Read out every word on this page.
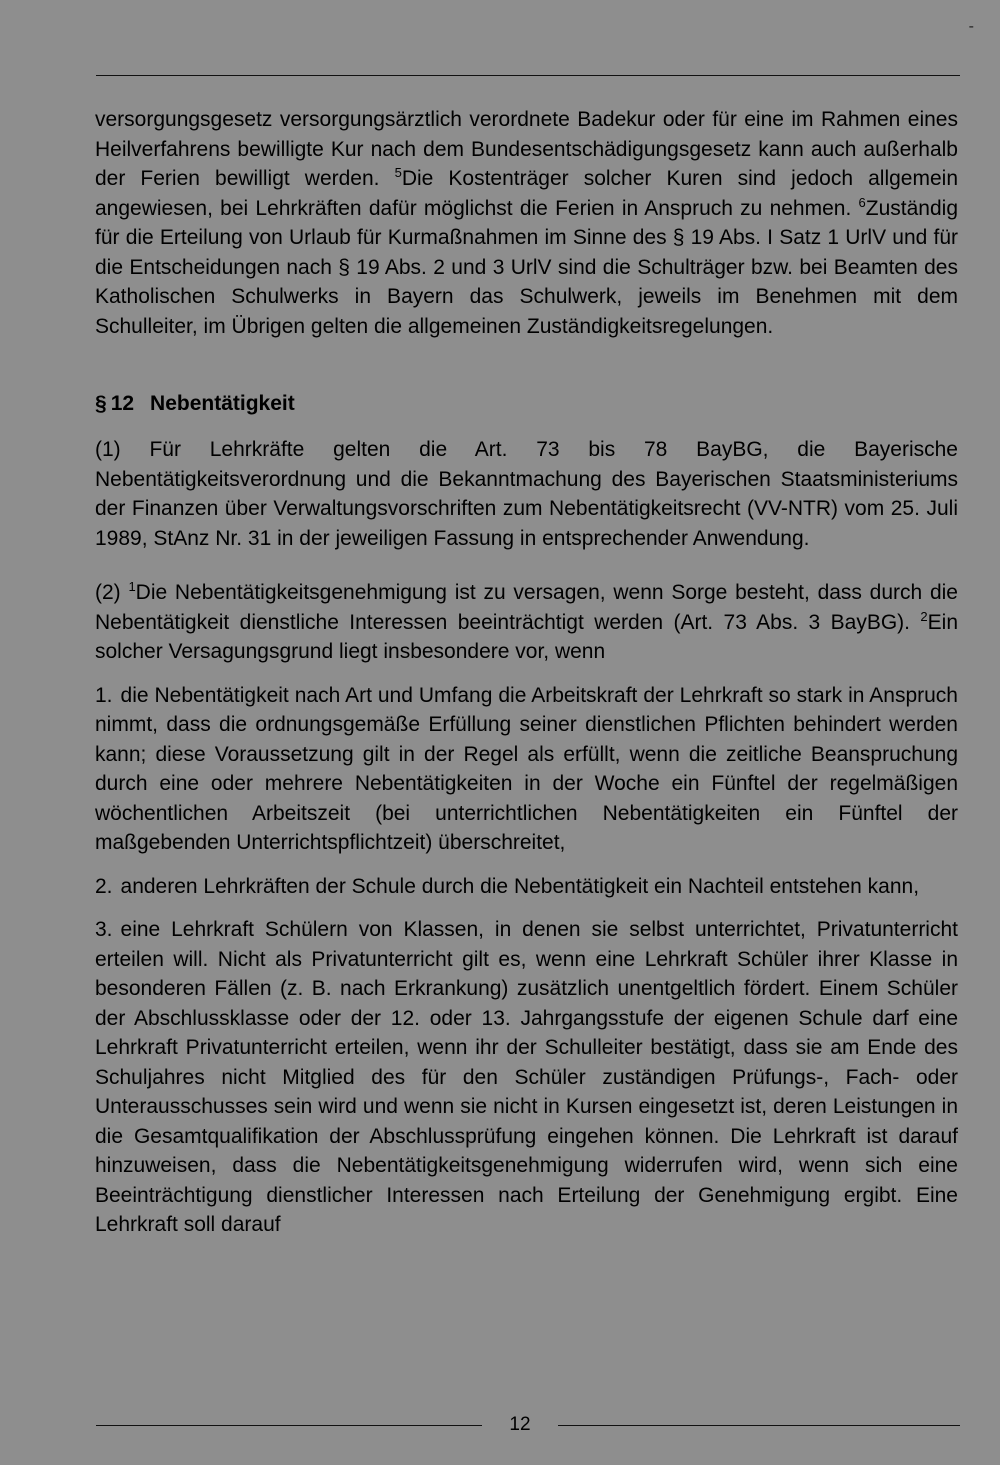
-

versorgungsgesetz versorgungsärztlich verordnete Badekur oder für eine im Rahmen eines Heilverfahrens bewilligte Kur nach dem Bundesentschädigungsgesetz kann auch außerhalb der Ferien bewilligt werden. $^5$Die Kostenträger solcher Kuren sind jedoch allgemein angewiesen, bei Lehrkräften dafür möglichst die Ferien in Anspruch zu nehmen. $^6$Zuständig für die Erteilung von Urlaub für Kurmaßnahmen im Sinne des § 19 Abs. I Satz 1 UrlV und für die Entscheidungen nach § 19 Abs. 2 und 3 UrlV sind die Schulträger bzw. bei Beamten des Katholischen Schulwerks in Bayern das Schulwerk, jeweils im Benehmen mit dem Schulleiter, im Übrigen gelten die allgemeinen Zuständigkeitsregelungen.

§ 12 Nebentätigkeit

(1) Für Lehrkräfte gelten die Art. 73 bis 78 BayBG, die Bayerische Nebentätigkeitsverordnung und die Bekanntmachung des Bayerischen Staatsministeriums der Finanzen über Verwaltungsvorschriften zum Nebentätigkeitsrecht (VV-NTR) vom 25. Juli 1989, StAnz Nr. 31 in der jeweiligen Fassung in entsprechender Anwendung.

(2) $^1$Die Nebentätigkeitsgenehmigung ist zu versagen, wenn Sorge besteht, dass durch die Nebentätigkeit dienstliche Interessen beeinträchtigt werden (Art. 73 Abs. 3 BayBG). $^2$Ein solcher Versagungsgrund liegt insbesondere vor, wenn

1. die Nebentätigkeit nach Art und Umfang die Arbeitskraft der Lehrkraft so stark in Anspruch nimmt, dass die ordnungsgemäße Erfüllung seiner dienstlichen Pflichten behindert werden kann; diese Voraussetzung gilt in der Regel als erfüllt, wenn die zeitliche Beanspruchung durch eine oder mehrere Nebentätigkeiten in der Woche ein Fünftel der regelmäßigen wöchentlichen Arbeitszeit (bei unterrichtlichen Nebentätigkeiten ein Fünftel der maßgebenden Unterrichtspflichtzeit) überschreitet,

2. anderen Lehrkräften der Schule durch die Nebentätigkeit ein Nachteil entstehen kann,

3. eine Lehrkraft Schülern von Klassen, in denen sie selbst unterrichtet, Privatunterricht erteilen will. Nicht als Privatunterricht gilt es, wenn eine Lehrkraft Schüler ihrer Klasse in besonderen Fällen (z. B. nach Erkrankung) zusätzlich unentgeltlich fördert. Einem Schüler der Abschlussklasse oder der 12. oder 13. Jahrgangsstufe der eigenen Schule darf eine Lehrkraft Privatunterricht erteilen, wenn ihr der Schulleiter bestätigt, dass sie am Ende des Schuljahres nicht Mitglied des für den Schüler zuständigen Prüfungs-, Fach- oder Unterausschusses sein wird und wenn sie nicht in Kursen eingesetzt ist, deren Leistungen in die Gesamtqualifikation der Abschlussprüfung eingehen können. Die Lehrkraft ist darauf hinzuweisen, dass die Nebentätigkeitsgenehmigung widerrufen wird, wenn sich eine Beeinträchtigung dienstlicher Interessen nach Erteilung der Genehmigung ergibt. Eine Lehrkraft soll darauf

12
